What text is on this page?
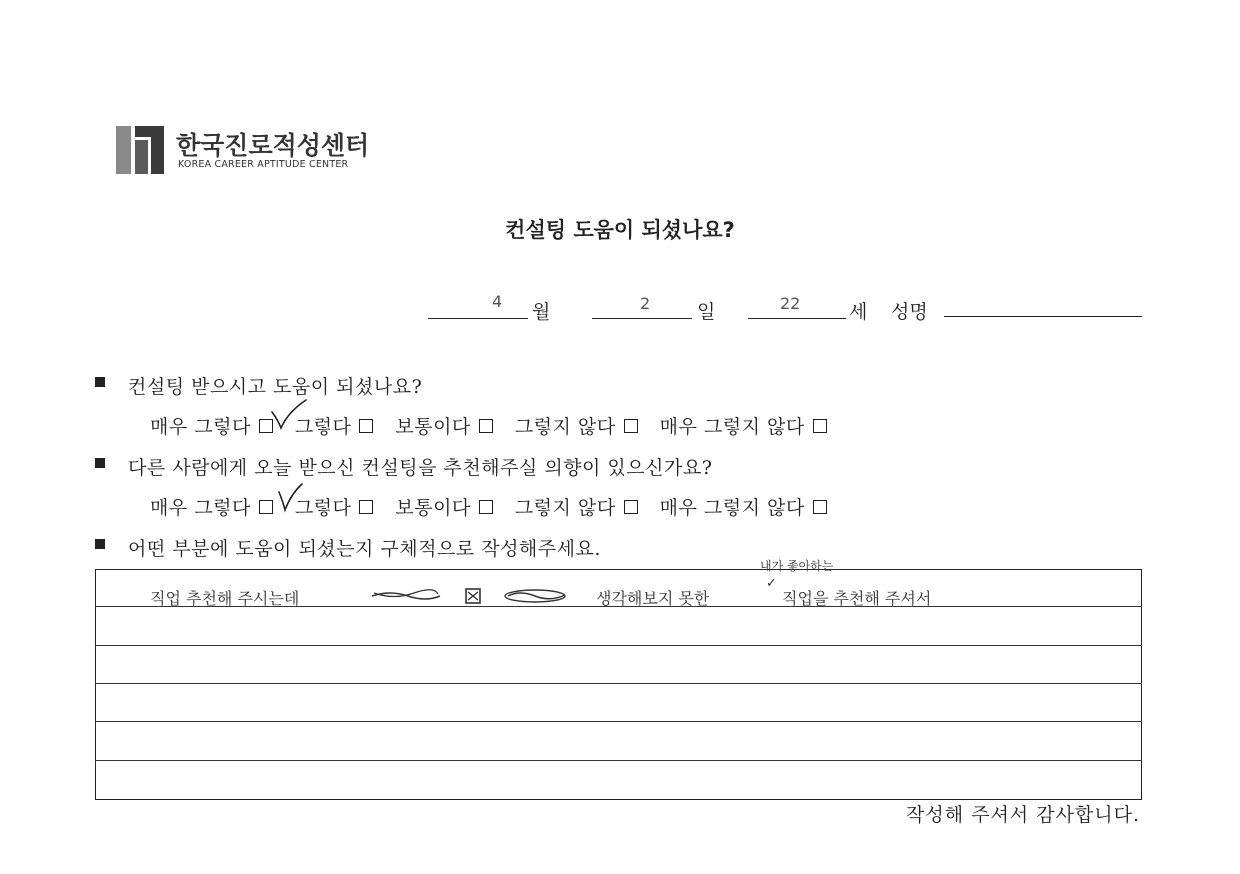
한국진로적성센터
KOREA CAREER APTITUDE CENTER
컨설팅 도움이 되셨나요?
4 월	2 일	22	세 성명
컨설팅 받으시고 도움이 되셨나요?
매우 그렇다 그렇다 보통이다 그렇지 않다 매우 그렇지 않다
다른 사람에게 오늘 받으신 컨설팅을 추천해주실 의향이 있으신가요?
매우 그렇다 그렇다 보통이다 그렇지 않다 매우 그렇지 않다
어떤 부분에 도움이 되셨는지 구체적으로 작성해주세요.
직업 추천해 주시는데	생각해보지 못한
✓
내가 좋아하는
직업을 추천해 주셔서
작성해 주셔서 감사합니다.
